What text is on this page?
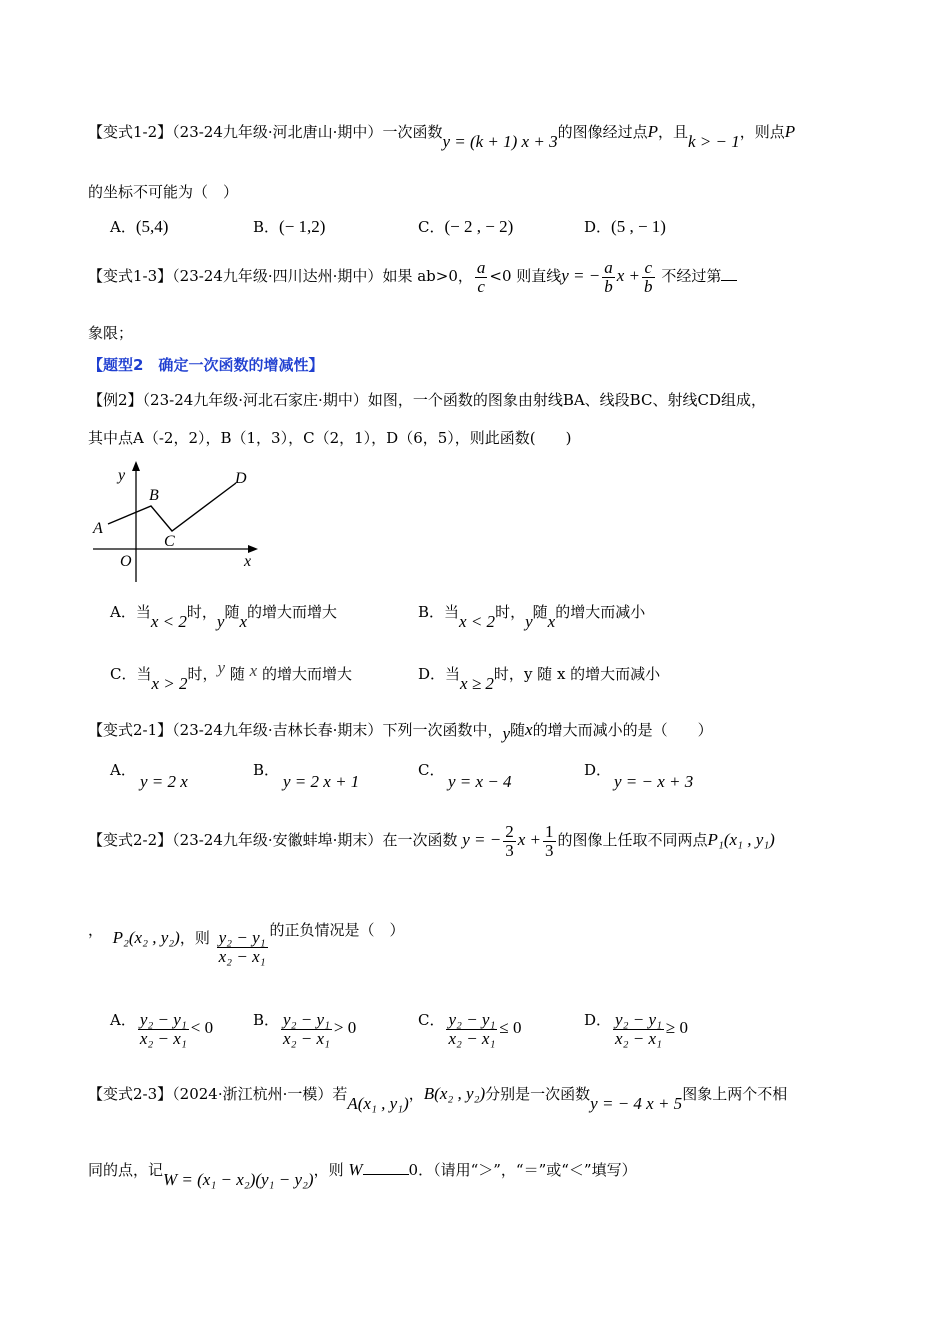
【变式1-2】（23-24九年级·河北唐山·期中）一次函数y = (k + 1) x + 3的图像经过点P，且k > − 1，则点P
的坐标不可能为（　）
A．(5,4)	B．(− 1,2)	C．(− 2 , − 2)	D．(5 , − 1)
【变式1-3】（23-24九年级·四川达州·期中）如果 ab>0， $\frac{a}{c} <0$ 则直线y = − $\frac{a}{b}$ $x + \frac{c}{b}$ 不经过第
象限；
【题型2　确定一次函数的增减性】
【例2】（23-24九年级·河北石家庄·期中）如图，一个函数的图象由射线BA、线段BC、射线CD组成，
其中点A（-2，2），B（1，3），C（2，1），D（6，5），则此函数(　　)
y
x
O
A
B
C
D
A．当x < 2时，y随x的增大而增大	B．当x < 2时，y随x的增大而减小
C．当x > 2时，y 随 x 的增大而增大	D．当x ≥ 2时，y 随 x 的增大而减小
【变式2-1】（23-24九年级·吉林长春·期末）下列一次函数中，y随x的增大而减小的是（　　）
A．
y = 2 x
B．
y = 2 x + 1
C．
y = x − 4
D．
y = − x + 3
【变式2-2】（23-24九年级·安徽蚌埠·期末）在一次函数 y = − $\frac{2}{3}$ $x + \frac{1}{3}$ 的图像上任取不同两点P₁(x₁ , y₁)
， P₂(x₂ , y₂)，则 $\frac{\text{y₂ − y₁}}{\text{x₂ − x₁}}$ 的正负情况是（　）
A． $\frac{\text{y₂ − y₁}}{\text{x₂ − x₁}} < 0$	B． $\frac{\text{y₂ − y₁}}{\text{x₂ − x₁}} > 0$	C． $\frac{\text{y₂ − y₁}}{\text{x₂ − x₁}} \le 0$	D． $\frac{\text{y₂ − y₁}}{\text{x₂ − x₁}} \ge 0$
【变式2-3】（2024·浙江杭州·一模）若A(x₁ , y₁)，B(x₂ , y₂)分别是一次函数y = − 4 x + 5图象上两个不相
同的点，记W = (x₁ − x₂)(y₁ − y₂)，则 W	0．（请用“＞”，“＝”或“＜”填写）
